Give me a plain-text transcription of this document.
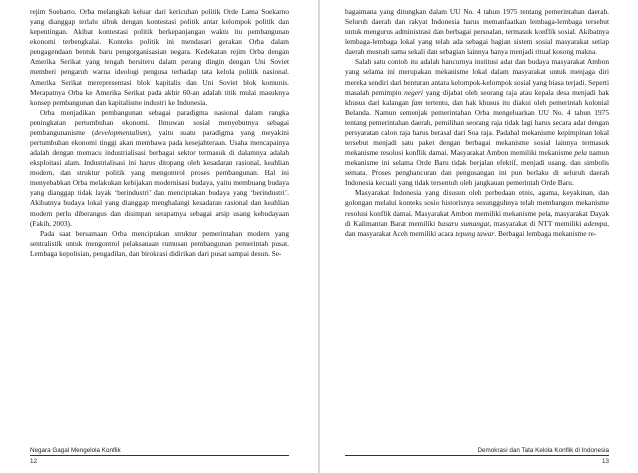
rejim Soeharto. Orba melangkah keluar dari kericuhan politik Orde Lama Soekarno yang dianggap terlalu sibuk dengan kontestasi politik antar kelompok politik dan kepentingan. Akibat kontestasi politik berkepanjangan waktu itu pembangunan ekonomi terbengkalai. Konteks politik ini mendasari gerakan Orba dalam pengagendaan bentuk baru pengorganisasian negara. Kedekatan rejim Orba dengan Amerika Serikat yang tengah bersiteru dalam perang dingin dengan Uni Soviet memberi pengaruh warna ideologi pengusa terhadap tata kelola politik nasional. Amerika Serikat merepresentasi blok kapitalis dan Uni Soviet blok komunis. Merapatnya Orba ke Amerika Serikat pada akhir 60-an adalah titik mulai masuknya konsep pembangunan dan kapitalisme industri ke Indonesia.

Orba menjadikan pembangunan sebagai paradigma nasional dalam rangka peningkatan pertumbuhan ekonomi. Ilmuwan sosial menyebutnya sebagai pembangunanisme (developmentalism), yaitu suatu paradigma yang meyakini pertumbuhan ekonomi tinggi akan membawa pada kesejahteraan. Usaha mencapainya adalah dengan memacu industrialisasi berbagai sektor termasuk di dalamnya adalah eksploitasi alam. Industrialisasi ini harus ditopang oleh kesadaran rasional, keahlian modern, dan struktur politik yang mengontrol proses pembangunan. Hal ini menyebabkan Orba melakukan kebijakan modernisasi budaya, yaitu membuang budaya yang dianggap tidak layak ‘berindustri’ dan menciptakan budaya yang ‘berindustri’. Akibatnya budaya lokal yang dianggap menghalangi kesadaran rasional dan keahlian modern perlu diberangus dan disimpan serapatnya sebagai arsip usang kebudayaan (Fakih, 2003).

Pada saat bersamaan Orba menciptakan struktur pemerintahan modern yang sentralistik untuk mengontrol pelaksanaan rumusan pembangunan pemerintah pusat. Lembaga kepolisian, pengadilan, dan birokrasi didirikan dari pusat sampai desun. Se-

Negara Gagal Mengelola Konflik
12

bagaimana yang ditungkan dalam UU No. 4 tahun 1975 tentang pemerintahan daerah. Seluruh daerah dan rakyat Indonesia harus memanfaatkan lembaga-lembaga tersebut untuk mengurus administrasi dan berbagai persoalan, termasuk konflik sosial. Akibatnya lembaga-lembaga lokal yang telah ada sebagai bagian sistem sosial masyarakat setiap daerah musnah sama sekali dan sebagian lainnya hanya menjadi ritual kosong makna.

Salah satu contoh itu adalah hancurnya institusi adat dan budaya masyarakat Ambon yang selama ini merupakan mekanisme lokal dalam masyarakat untuk menjaga diri mereka sendiri dari benturan antara kelompok-kelompok sosial yang biasa terjadi. Seperti masalah pemimpin negeri yang dijabat oleh seorang raja atau kepala desa menjadi hak khusus dari kalangan fam tertentu, dan hak khusus itu diakui oleh pemerintah kolonial Belanda. Namun semenjak pemerintahan Orba mengeluarkan UU No. 4 tahun 1975 tentang pemerintahan daerah, pemilihan seorang raja tidak lagi harus secara adat dengan persyaratan calon raja harus berasal dari Soa raja. Padahal mekanisme kepimpinan lokal tersebut menjadi satu paket dengan berbagai mekanisme sosial lainnya termasuk mekanisme resolusi konflik damai. Masyarakat Ambon memiliki mekanisme pela namun mekanisme ini selama Orde Baru tidak berjalan efektif, menjadi usang, dan simbolis semata. Proses penghancuran dan pengusangan ini pun berlaku di seluruh daerah Indonesia kecuali yang tidak tersentuh oleh jangkauan pemerintah Orde Baru.

Masyarakat Indonesia yang disusun oleh perbedaan etnis, agama, keyakinan, dan golongan melalui konteks sosio historisnya sesungguhnya telah membangun mekanisme resolusi konflik damai. Masyarakat Ambon memiliki mekanisme pela, masyarakat Dayak di Kalimantan Barat memiliki basaru sumangat, masyarakat di NTT memiliki adempa, dan masyarakat Aceh memiliki acara tepung tawar. Berbagai lembaga mekanisme re-

Demokrasi dan Tata Kelola Konflik di Indonesia
13
